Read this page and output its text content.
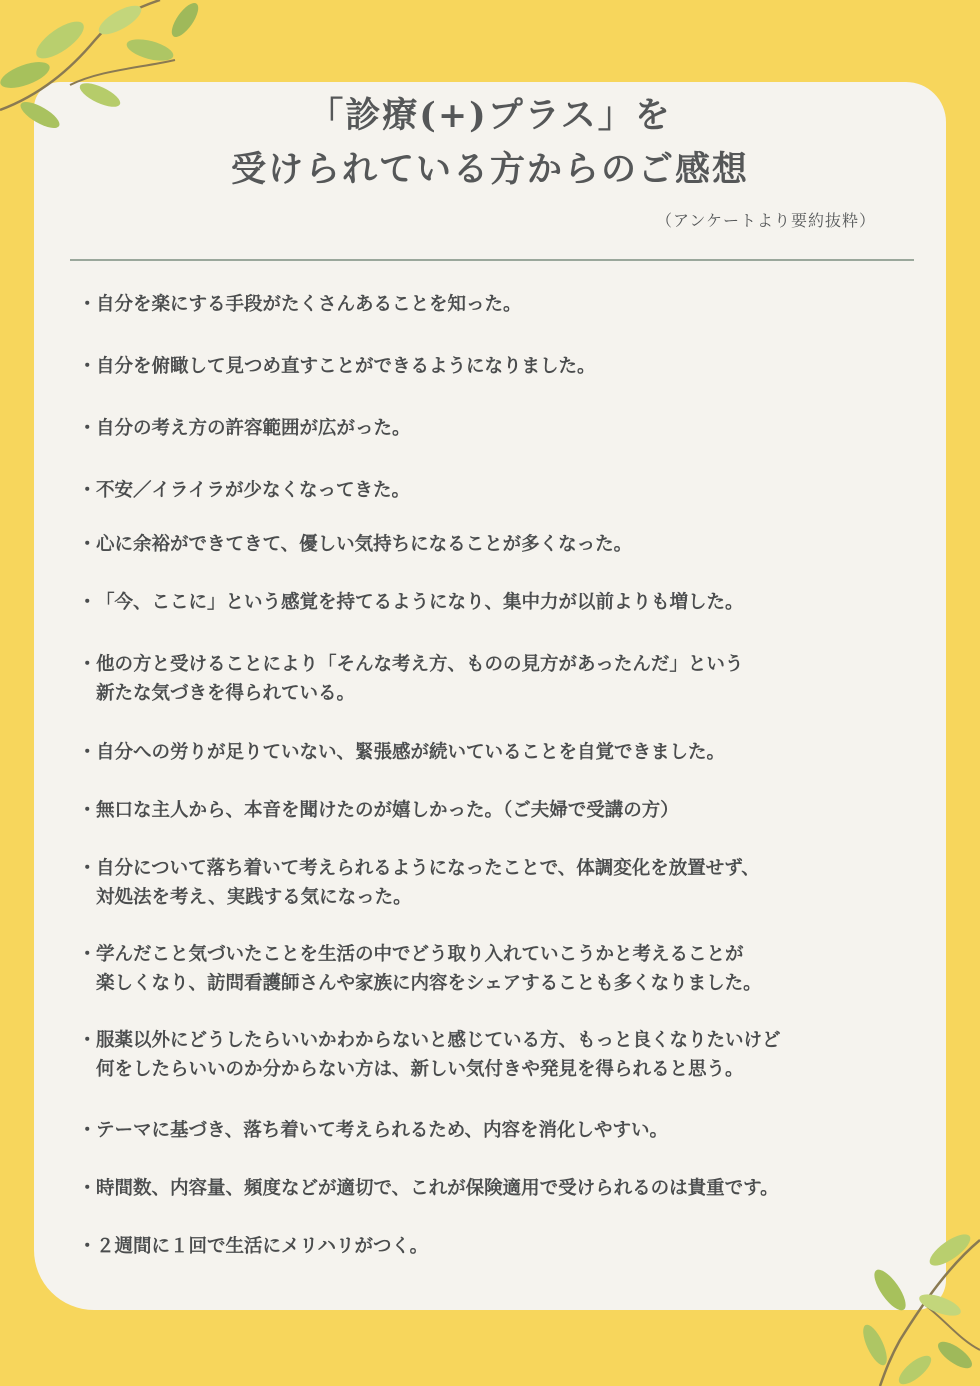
「診療(+)プラス」を
受けられている方からのご感想
（アンケートより要約抜粋）
・自分を楽にする手段がたくさんあることを知った。
・自分を俯瞰して見つめ直すことができるようになりました。
・自分の考え方の許容範囲が広がった。
・不安／イライラが少なくなってきた。
・心に余裕ができてきて、優しい気持ちになることが多くなった。
・「今、ここに」という感覚を持てるようになり、集中力が以前よりも増した。
・他の方と受けることにより「そんな考え方、ものの見方があったんだ」という
新たな気づきを得られている。
・自分への労りが足りていない、緊張感が続いていることを自覚できました。
・無口な主人から、本音を聞けたのが嬉しかった。（ご夫婦で受講の方）
・自分について落ち着いて考えられるようになったことで、体調変化を放置せず、
対処法を考え、実践する気になった。
・学んだこと気づいたことを生活の中でどう取り入れていこうかと考えることが
楽しくなり、訪問看護師さんや家族に内容をシェアすることも多くなりました。
・服薬以外にどうしたらいいかわからないと感じている方、もっと良くなりたいけど
何をしたらいいのか分からない方は、新しい気付きや発見を得られると思う。
・テーマに基づき、落ち着いて考えられるため、内容を消化しやすい。
・時間数、内容量、頻度などが適切で、これが保険適用で受けられるのは貴重です。
・２週間に１回で生活にメリハリがつく。
